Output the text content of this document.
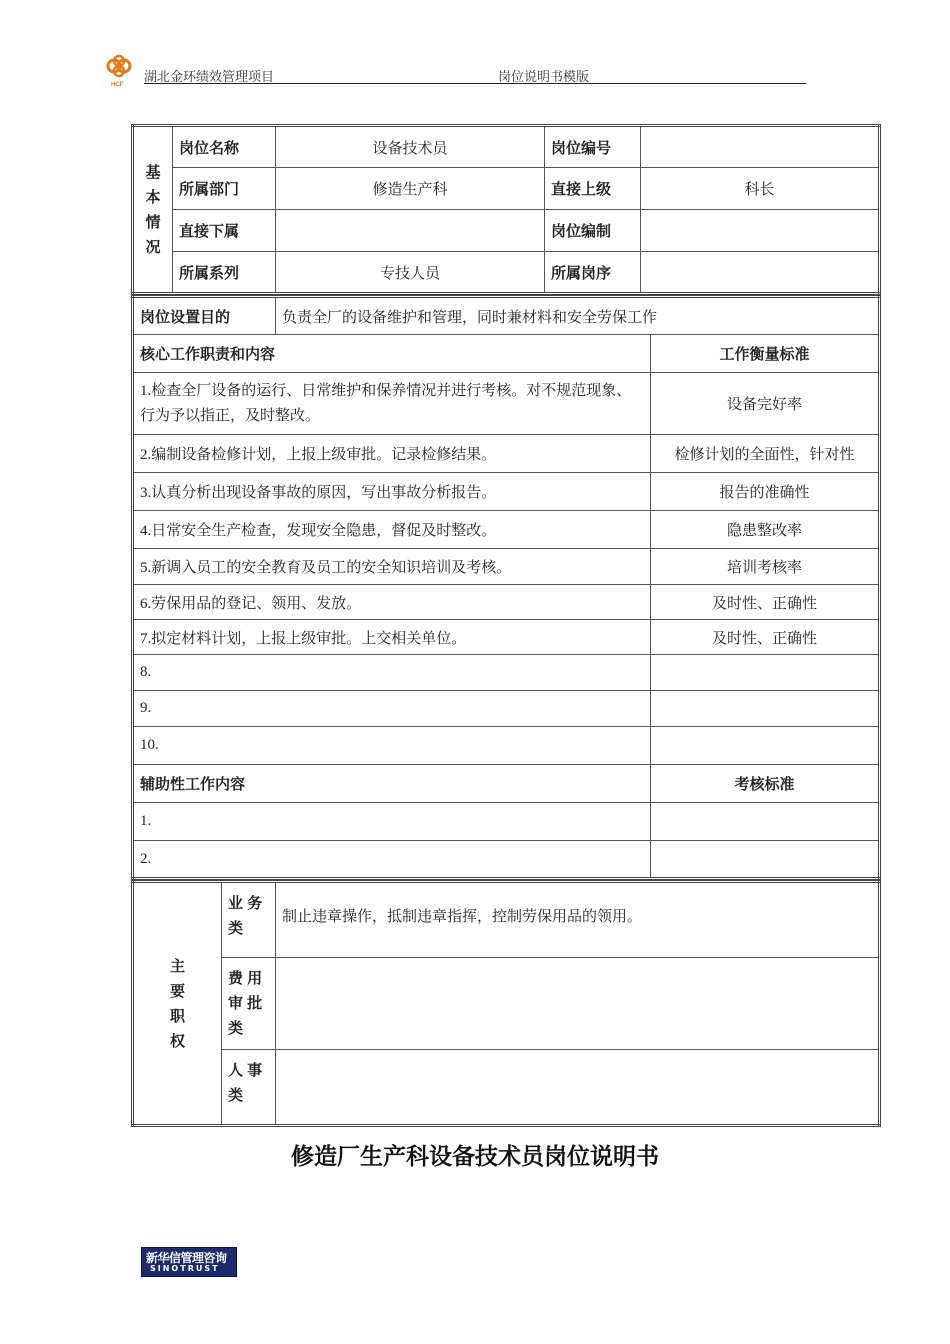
HCF
湖北金环绩效管理项目	岗位说明书模版
基
本
情
况	岗位名称	设备技术员	岗位编号	
	所属部门	修造生产科	直接上级	科长
	直接下属		岗位编制	
	所属系列	专技人员	所属岗序	
岗位设置目的	负责全厂的设备维护和管理，同时兼材料和安全劳保工作	
核心工作职责和内容		工作衡量标准
1.检查全厂设备的运行、日常维护和保养情况并进行考核。对不规范现象、行为予以指正，及时整改。		设备完好率
2.编制设备检修计划，上报上级审批。记录检修结果。		检修计划的全面性，针对性
3.认真分析出现设备事故的原因，写出事故分析报告。		报告的准确性
4.日常安全生产检查，发现安全隐患，督促及时整改。		隐患整改率
5.新调入员工的安全教育及员工的安全知识培训及考核。		培训考核率
6.劳保用品的登记、领用、发放。		及时性、正确性
7.拟定材料计划，上报上级审批。上交相关单位。		及时性、正确性
8.		
9.		
10.		
辅助性工作内容		考核标准
1.		
2.		
主
要
职
权	业 务
类	制止违章操作，抵制违章指挥，控制劳保用品的领用。
	费 用
审 批
类	
	人 事
类	
修造厂生产科设备技术员岗位说明书
新华信管理咨询
SINOTRUST
